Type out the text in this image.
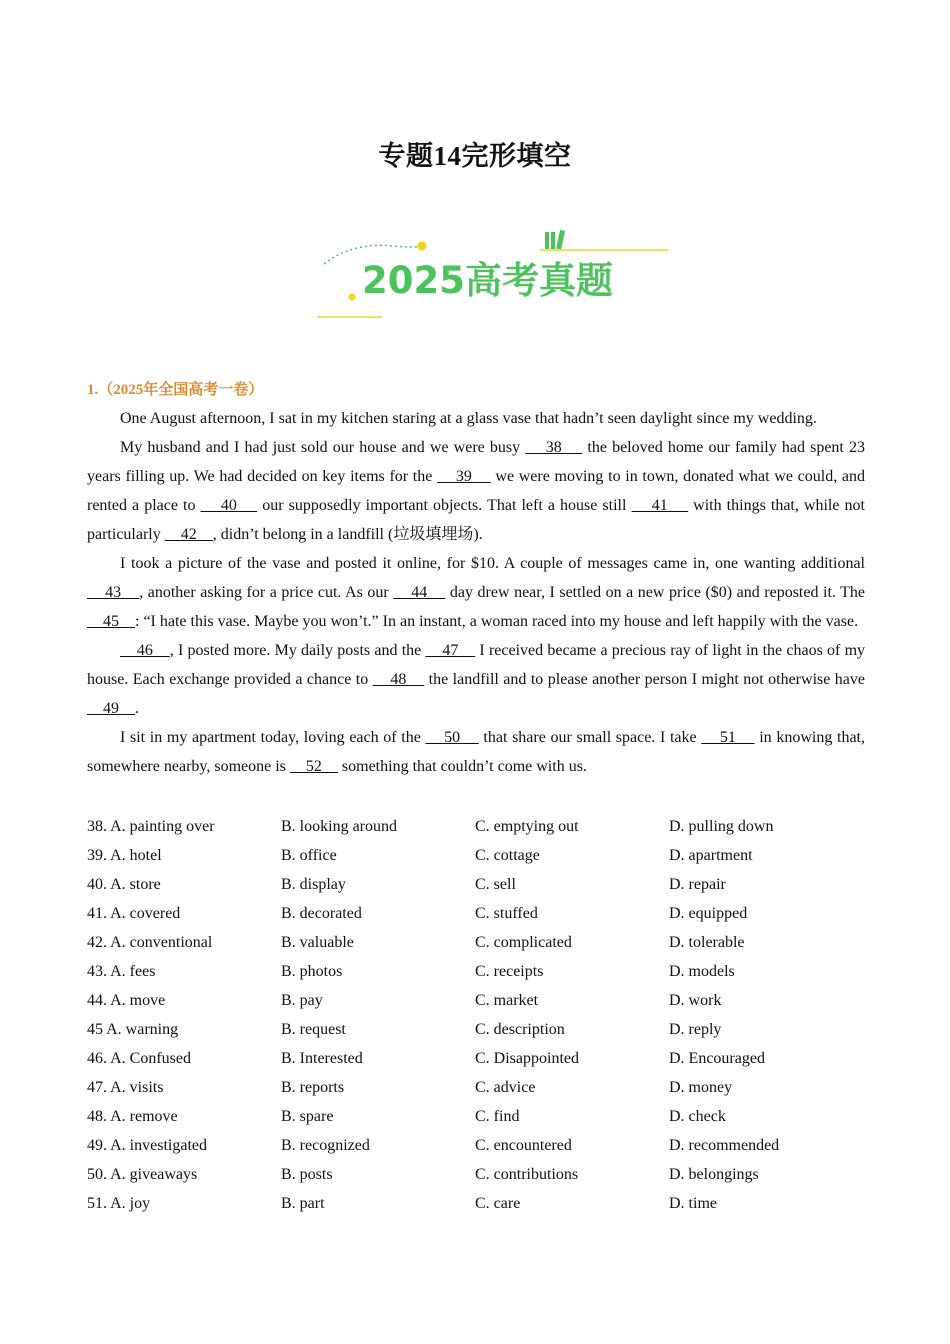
专题14完形填空
2025高考真题
1.（2025年全国高考一卷）

One August afternoon, I sat in my kitchen staring at a glass vase that hadn’t seen daylight since my wedding.

My husband and I had just sold our house and we were busy     38     the beloved home our family had spent 23 years filling up. We had decided on key items for the     39     we were moving to in town, donated what we could, and rented a place to     40     our supposedly important objects. That left a house still     41     with things that, while not particularly     42    , didn’t belong in a landfill (垃圾填埋场).

I took a picture of the vase and posted it online, for $10. A couple of messages came in, one wanting additional     43    , another asking for a price cut. As our     44     day drew near, I settled on a new price ($0) and reposted it. The     45    : “I hate this vase. Maybe you won’t.” In an instant, a woman raced into my house and left happily with the vase.

46    , I posted more. My daily posts and the     47     I received became a precious ray of light in the chaos of my house. Each exchange provided a chance to     48     the landfill and to please another person I might not otherwise have     49    .

I sit in my apartment today, loving each of the     50     that share our small space. I take     51     in knowing that, somewhere nearby, someone is     52     something that couldn’t come with us.

38. A. painting over	B. looking around	C. emptying out	D. pulling down
39. A. hotel	B. office	C. cottage	D. apartment
40. A. store	B. display	C. sell	D. repair
41. A. covered	B. decorated	C. stuffed	D. equipped
42. A. conventional	B. valuable	C. complicated	D. tolerable
43. A. fees	B. photos	C. receipts	D. models
44. A. move	B. pay	C. market	D. work
45 A. warning	B. request	C. description	D. reply
46. A. Confused	B. Interested	C. Disappointed	D. Encouraged
47. A. visits	B. reports	C. advice	D. money
48. A. remove	B. spare	C. find	D. check
49. A. investigated	B. recognized	C. encountered	D. recommended
50. A. giveaways	B. posts	C. contributions	D. belongings
51. A. joy	B. part	C. care	D. time
